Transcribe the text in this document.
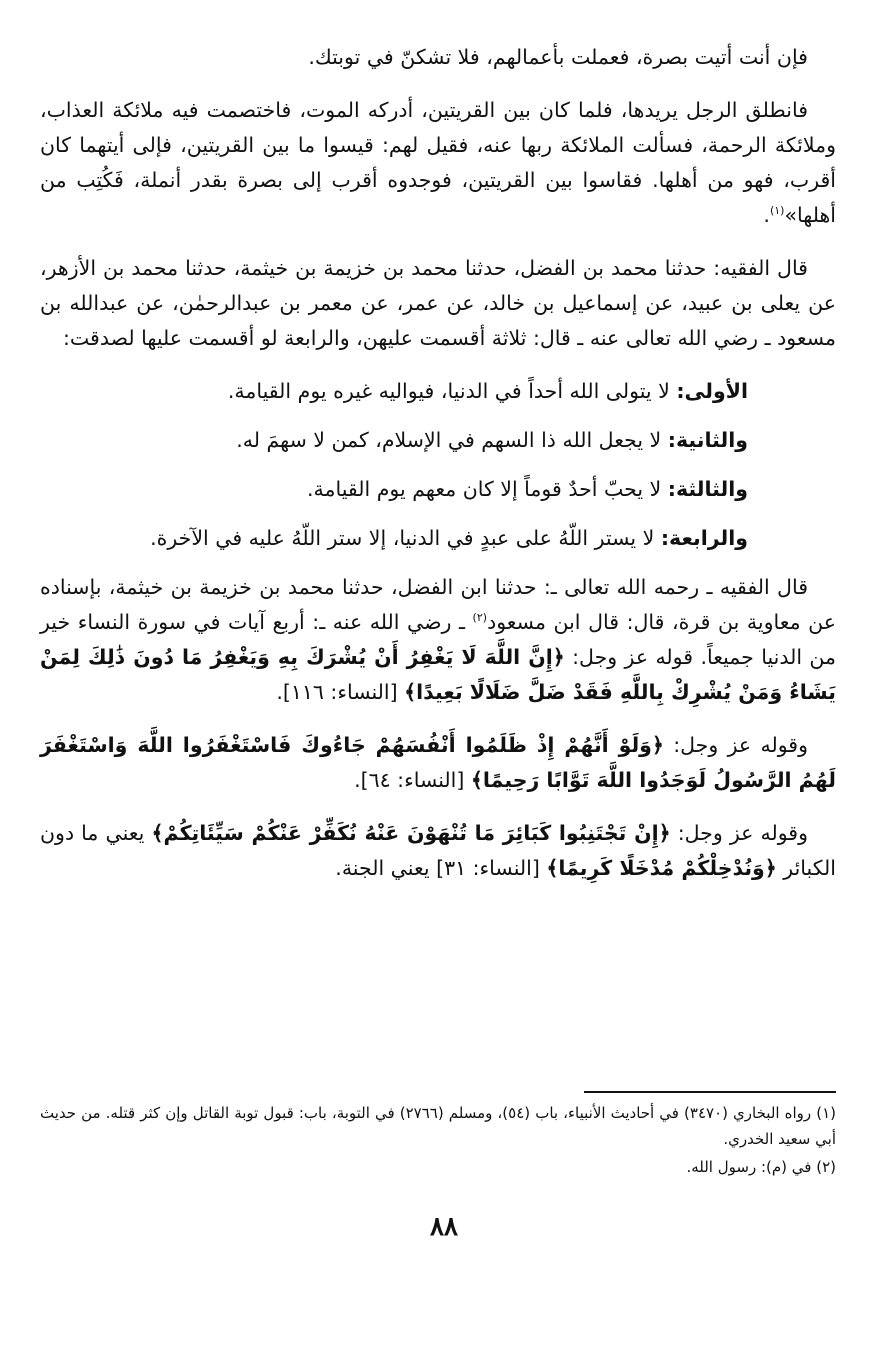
فإن أنت أتيت بصرة، فعملت بأعمالهم، فلا تشكنّ في توبتك.

فانطلق الرجل يريدها، فلما كان بين القريتين، أدركه الموت، فاختصمت فيه ملائكة العذاب، وملائكة الرحمة، فسألت الملائكة ربها عنه، فقيل لهم: قيسوا ما بين القريتين، فإلى أيتهما كان أقرب، فهو من أهلها. فقاسوا بين القريتين، فوجدوه أقرب إلى بصرة بقدر أنملة، فَكُتِب من أهلها»$^{(١)}$.

قال الفقيه: حدثنا محمد بن الفضل، حدثنا محمد بن خزيمة بن خيثمة، حدثنا محمد بن الأزهر، عن يعلى بن عبيد، عن إسماعيل بن خالد، عن عمر، عن معمر بن عبدالرحمٰن، عن عبدالله بن مسعود ـ رضي الله تعالى عنه ـ قال: ثلاثة أقسمت عليهن، والرابعة لو أقسمت عليها لصدقت:

الأولى: لا يتولى الله أحداً في الدنيا، فيواليه غيره يوم القيامة.

والثانية: لا يجعل الله ذا السهم في الإسلام، كمن لا سهمَ له.

والثالثة: لا يحبّ أحدٌ قوماً إلا كان معهم يوم القيامة.

والرابعة: لا يستر اللّهُ على عبدٍ في الدنيا، إلا ستر اللّهُ عليه في الآخرة.

قال الفقيه ـ رحمه الله تعالى ـ: حدثنا ابن الفضل، حدثنا محمد بن خزيمة بن خيثمة، بإسناده عن معاوية بن قرة، قال: قال ابن مسعود$^{(٢)}$ ـ رضي الله عنه ـ: أربع آيات في سورة النساء خير من الدنيا جميعاً. قوله عز وجل: ﴿إِنَّ اللَّهَ لَا يَغْفِرُ أَنْ يُشْرَكَ بِهِ وَيَغْفِرُ مَا دُونَ ذَٰلِكَ لِمَنْ يَشَاءُ وَمَنْ يُشْرِكْ بِاللَّهِ فَقَدْ ضَلَّ ضَلَالًا بَعِيدًا﴾ [النساء: ١١٦].

وقوله عز وجل: ﴿وَلَوْ أَنَّهُمْ إِذْ ظَلَمُوا أَنْفُسَهُمْ جَاءُوكَ فَاسْتَغْفَرُوا اللَّهَ وَاسْتَغْفَرَ لَهُمُ الرَّسُولُ لَوَجَدُوا اللَّهَ تَوَّابًا رَحِيمًا﴾ [النساء: ٦٤].

وقوله عز وجل: ﴿إِنْ تَجْتَنِبُوا كَبَائِرَ مَا تُنْهَوْنَ عَنْهُ نُكَفِّرْ عَنْكُمْ سَيِّئَاتِكُمْ﴾ يعني ما دون الكبائر ﴿وَنُدْخِلْكُمْ مُدْخَلًا كَرِيمًا﴾ [النساء: ٣١] يعني الجنة.

(١) رواه البخاري (٣٤٧٠) في أحاديث الأنبياء، باب (٥٤)، ومسلم (٢٧٦٦) في التوبة، باب: قبول توبة القاتل وإن كثر قتله. من حديث أبي سعيد الخدري.

(٢) في (م): رسول الله.

٨٨
